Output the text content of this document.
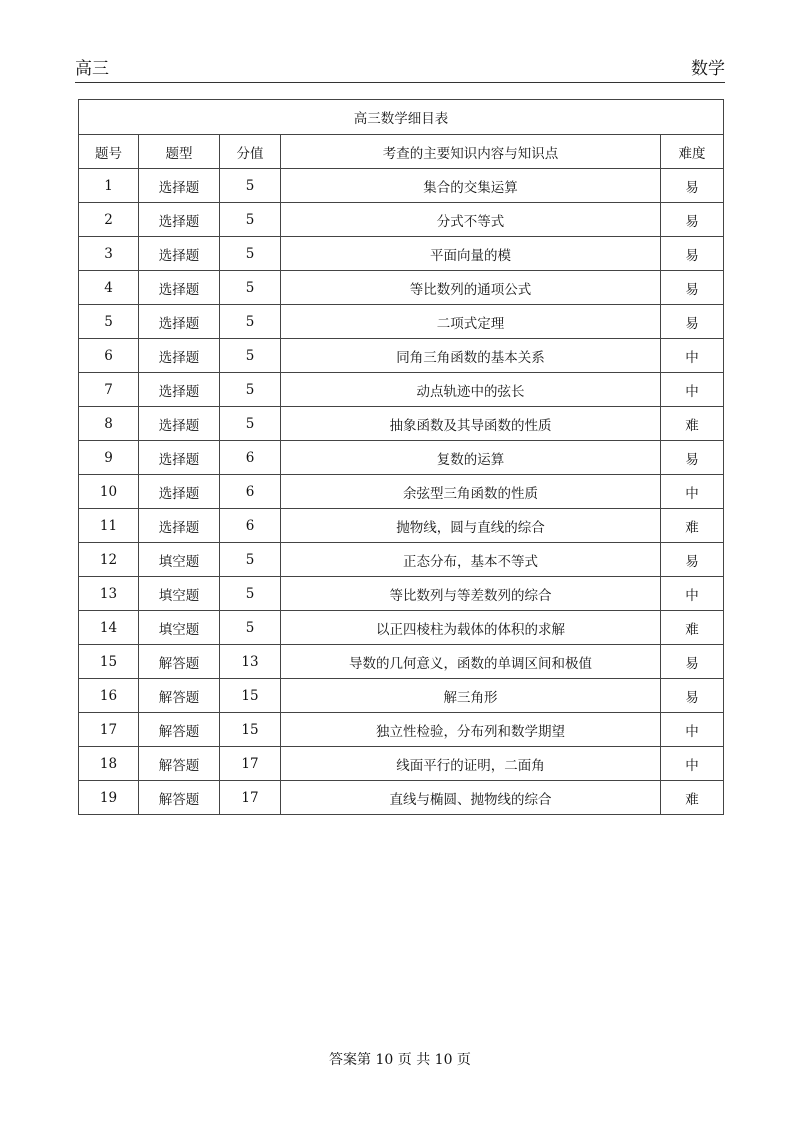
高三	数学
高三数学细目表				
题号	题型	分值	考查的主要知识内容与知识点	难度
1	选择题	5	集合的交集运算	易
2	选择题	5	分式不等式	易
3	选择题	5	平面向量的模	易
4	选择题	5	等比数列的通项公式	易
5	选择题	5	二项式定理	易
6	选择题	5	同角三角函数的基本关系	中
7	选择题	5	动点轨迹中的弦长	中
8	选择题	5	抽象函数及其导函数的性质	难
9	选择题	6	复数的运算	易
10	选择题	6	余弦型三角函数的性质	中
11	选择题	6	抛物线，圆与直线的综合	难
12	填空题	5	正态分布，基本不等式	易
13	填空题	5	等比数列与等差数列的综合	中
14	填空题	5	以正四棱柱为载体的体积的求解	难
15	解答题	13	导数的几何意义，函数的单调区间和极值	易
16	解答题	15	解三角形	易
17	解答题	15	独立性检验，分布列和数学期望	中
18	解答题	17	线面平行的证明，二面角	中
19	解答题	17	直线与椭圆、抛物线的综合	难
答案第 10 页 共 10 页
